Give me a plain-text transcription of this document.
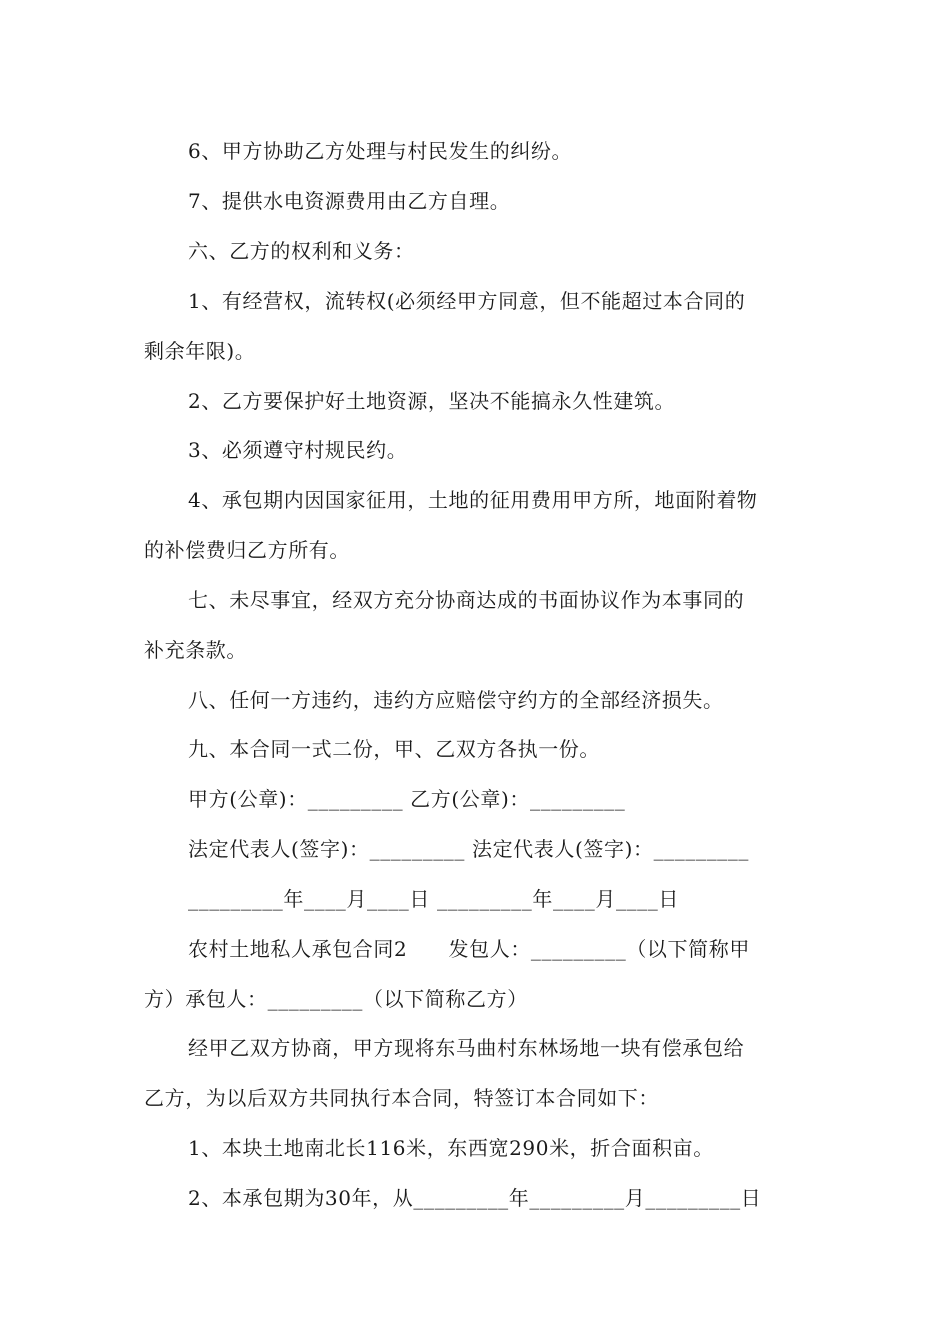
6、甲方协助乙方处理与村民发生的纠纷。
7、提供水电资源费用由乙方自理。
六、乙方的权利和义务：
1、有经营权，流转权(必须经甲方同意，但不能超过本合同的
剩余年限)。
2、乙方要保护好土地资源，坚决不能搞永久性建筑。
3、必须遵守村规民约。
4、承包期内因国家征用，土地的征用费用甲方所，地面附着物
的补偿费归乙方所有。
七、未尽事宜，经双方充分协商达成的书面协议作为本事同的
补充条款。
八、任何一方违约，违约方应赔偿守约方的全部经济损失。
九、本合同一式二份，甲、乙双方各执一份。
甲方(公章)：_________ 乙方(公章)：_________
法定代表人(签字)：_________ 法定代表人(签字)：_________
_________年____月____日 _________年____月____日
农村土地私人承包合同2　　发包人：_________（以下简称甲
方）承包人：_________（以下简称乙方）
经甲乙双方协商，甲方现将东马曲村东林场地一块有偿承包给
乙方，为以后双方共同执行本合同，特签订本合同如下：
1、本块土地南北长116米，东西宽290米，折合面积亩。
2、本承包期为30年，从_________年_________月_________日
